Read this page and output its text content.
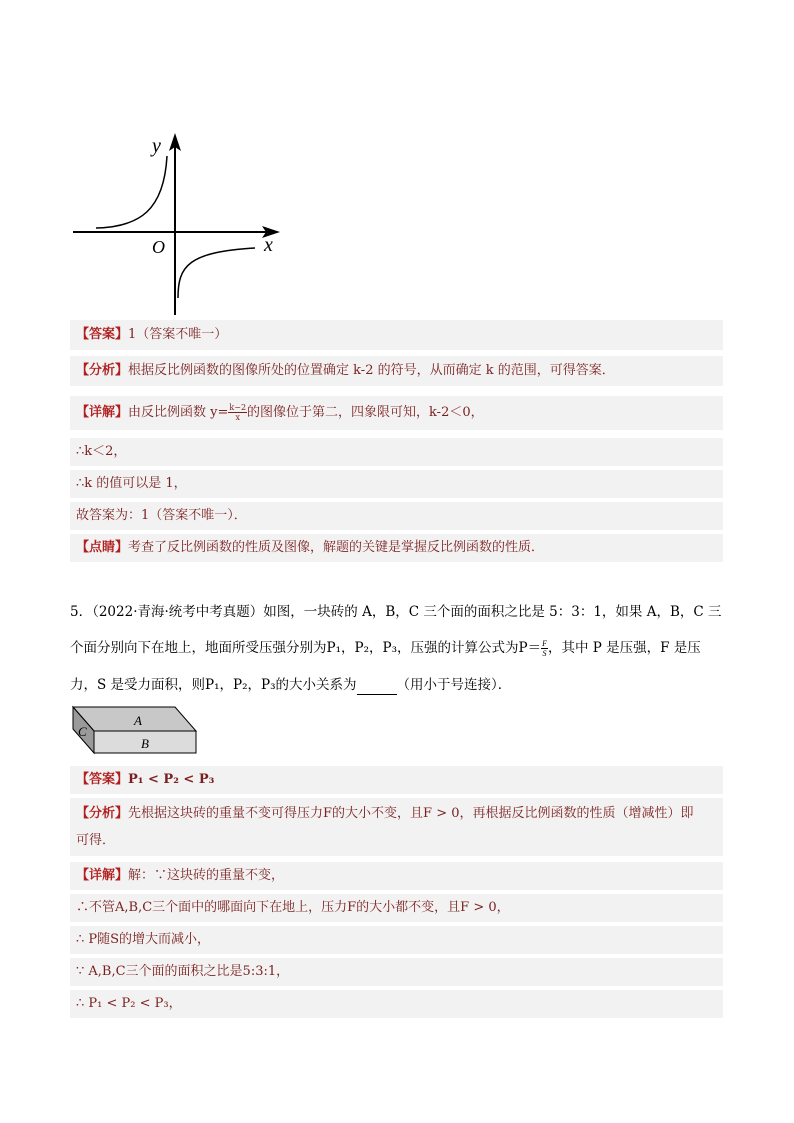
y
x
O
【答案】1（答案不唯一）
【分析】根据反比例函数的图像所处的位置确定 k-2 的符号，从而确定 k 的范围，可得答案．
【详解】由反比例函数 $y= \frac{k-2}{x}$ 的图像位于第二，四象限可知，k-2＜0，
∴k＜2，
∴k 的值可以是 1，
故答案为：1（答案不唯一）．
【点睛】考查了反比例函数的性质及图像，解题的关键是掌握反比例函数的性质．
5．（2022·青海·统考中考真题）如图，一块砖的 A，B，C 三个面的面积之比是 5：3：1，如果 A，B，C 三
个面分别向下在地上，地面所受压强分别为P₁，P₂，P₃，压强的计算公式为$P= \frac{F}{S}$ ，其中 P 是压强，F 是压
力，S 是受力面积，则P₁，P₂，P₃的大小关系为	（用小于号连接）．
A
B
C
【答案】P₁ < P₂ < P₃
【分析】先根据这块砖的重量不变可得压力F的大小不变，且F > 0，再根据反比例函数的性质（增减性）即
可得．
【详解】解：∵这块砖的重量不变，
∴不管A,B,C三个面中的哪面向下在地上，压力F的大小都不变，且F > 0，
∴ P随S的增大而减小，
∵ A,B,C三个面的面积之比是5:3:1，
∴ P₁ < P₂ < P₃，
